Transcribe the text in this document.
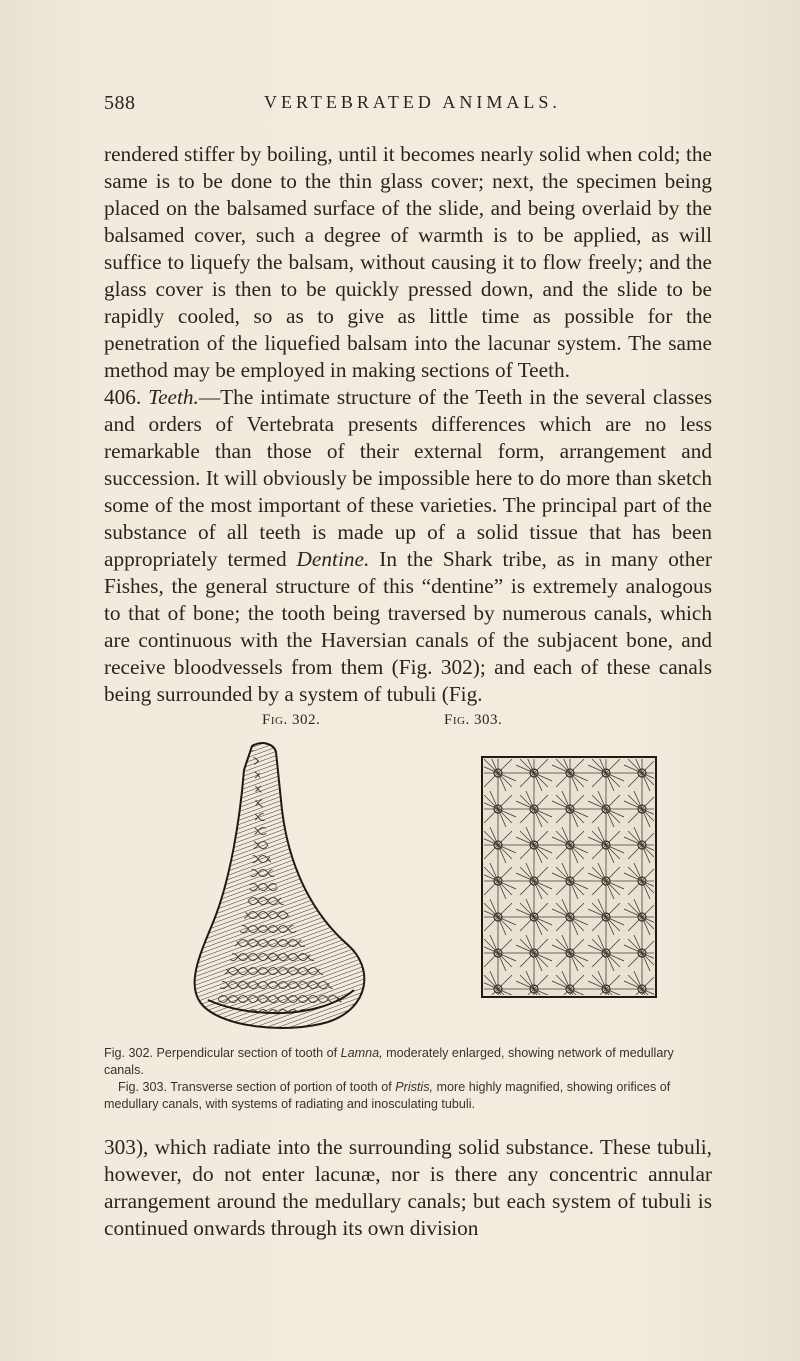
588	VERTEBRATED ANIMALS.

rendered stiffer by boiling, until it becomes nearly solid when cold; the same is to be done to the thin glass cover; next, the specimen being placed on the balsamed surface of the slide, and being overlaid by the balsamed cover, such a degree of warmth is to be applied, as will suffice to liquefy the balsam, without causing it to flow freely; and the glass cover is then to be quickly pressed down, and the slide to be rapidly cooled, so as to give as little time as possible for the penetration of the liquefied balsam into the lacunar system. The same method may be employed in making sections of Teeth.

406. Teeth.—The intimate structure of the Teeth in the several classes and orders of Vertebrata presents differences which are no less remarkable than those of their external form, arrangement and succession. It will obviously be impossible here to do more than sketch some of the most important of these varieties. The principal part of the substance of all teeth is made up of a solid tissue that has been appropriately termed Dentine. In the Shark tribe, as in many other Fishes, the general structure of this “dentine” is extremely analogous to that of bone; the tooth being traversed by numerous canals, which are continuous with the Haversian canals of the subjacent bone, and receive bloodvessels from them (Fig. 302); and each of these canals being surrounded by a system of tubuli (Fig.

Fig. 302.	Fig. 303.

Fig. 302. Perpendicular section of tooth of Lamna, moderately enlarged, showing network of medullary canals.

Fig. 303. Transverse section of portion of tooth of Pristis, more highly magnified, showing orifices of medullary canals, with systems of radiating and inosculating tubuli.

303), which radiate into the surrounding solid substance. These tubuli, however, do not enter lacunæ, nor is there any concentric annular arrangement around the medullary canals; but each system of tubuli is continued onwards through its own division
